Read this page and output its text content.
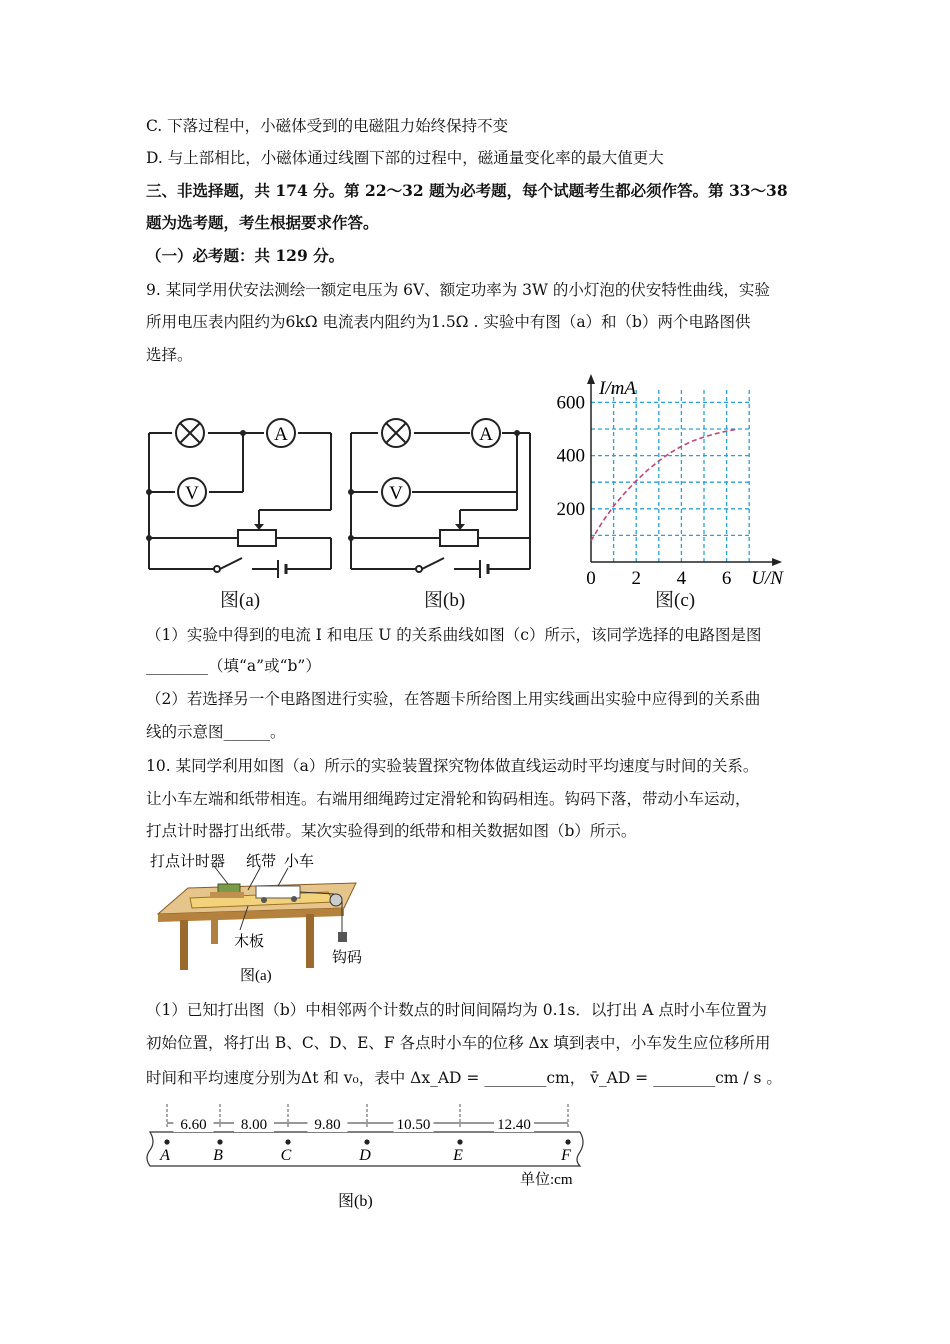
C. 下落过程中，小磁体受到的电磁阻力始终保持不变
D. 与上部相比，小磁体通过线圈下部的过程中，磁通量变化率的最大值更大
三、非选择题，共 174 分。第 22～32 题为必考题，每个试题考生都必须作答。第 33～38
题为选考题，考生根据要求作答。
（一）必考题：共 129 分。
9. 某同学用伏安法测绘一额定电压为 6V、额定功率为 3W 的小灯泡的伏安特性曲线，实验
所用电压表内阻约为6kΩ 电流表内阻约为1.5Ω . 实验中有图（a）和（b）两个电路图供
选择。
A
V
图(a)
A
V
图(b)
0 2 4 6
200
400
600
U/N
I/mA
图(c)
（1）实验中得到的电流 I 和电压 U 的关系曲线如图（c）所示，该同学选择的电路图是图
________（填“a”或“b”）
（2）若选择另一个电路图进行实验，在答题卡所给图上用实线画出实验中应得到的关系曲
线的示意图______。
10. 某同学利用如图（a）所示的实验装置探究物体做直线运动时平均速度与时间的关系。
让小车左端和纸带相连。右端用细绳跨过定滑轮和钩码相连。钩码下落，带动小车运动，
打点计时器打出纸带。某次实验得到的纸带和相关数据如图（b）所示。
打点计时器 纸带 小车
木板
钩码
图(a)
（1）已知打出图（b）中相邻两个计数点的时间间隔均为 0.1s．以打出 A 点时小车位置为
初始位置，将打出 B、C、D、E、F 各点时小车的位移 Δx 填到表中，小车发生应位移所用
时间和平均速度分别为Δt 和 v₀，表中 Δx_AD = ________cm， v̄_AD = ________cm / s 。
A	B	C	D	E	F
6.60 8.00	9.80	10.50	12.40
单位:cm
图(b)
